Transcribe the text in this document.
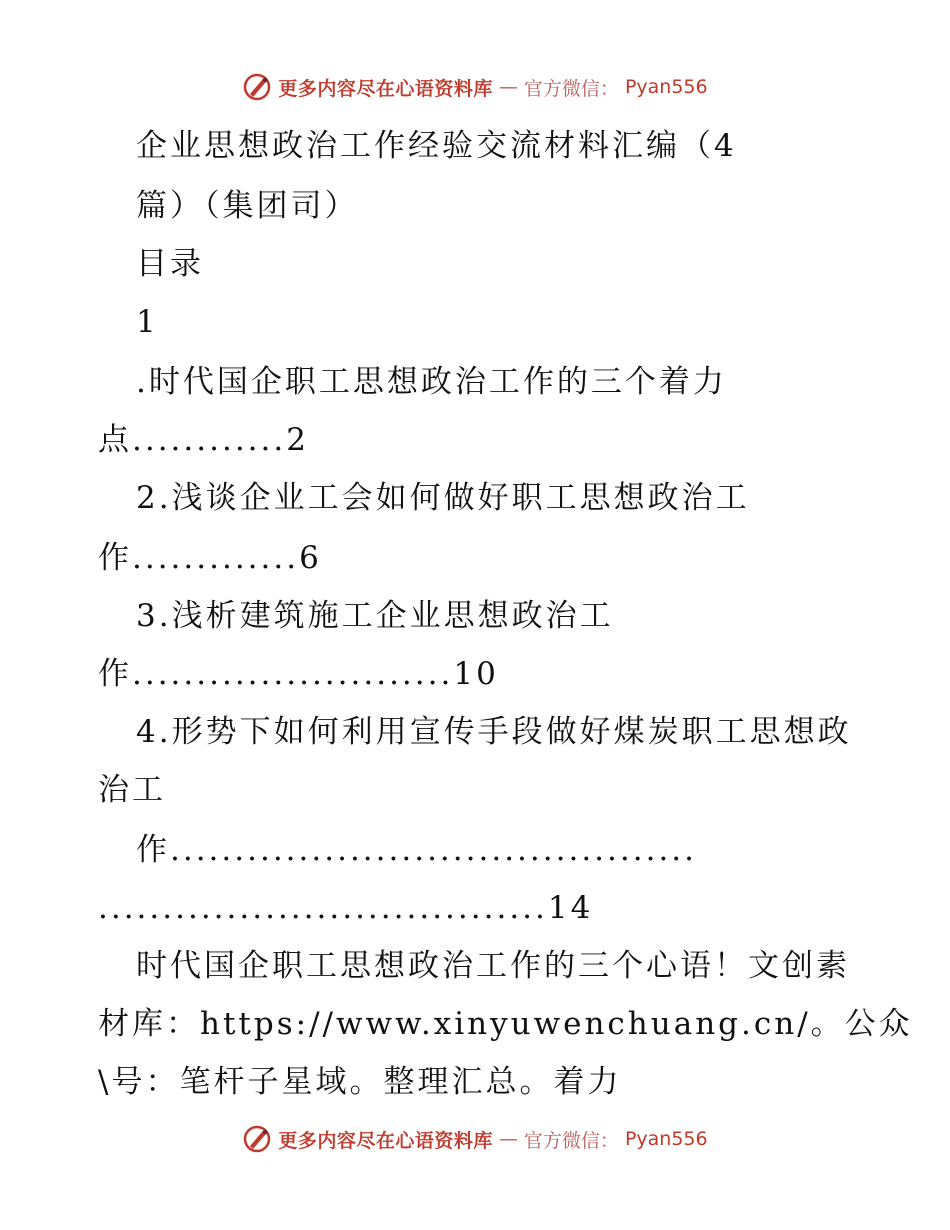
更多内容尽在心语资料库 — 官方微信： Pyan556
企业思想政治工作经验交流材料汇编（4
篇）（集团司）
目录
1
.时代国企职工思想政治工作的三个着力
点............2
2.浅谈企业工会如何做好职工思想政治工
作.............6
3.浅析建筑施工企业思想政治工
作.........................10
4.形势下如何利用宣传手段做好煤炭职工思想政
治工
作.........................................
...................................14
时代国企职工思想政治工作的三个心语！文创素
材库：https://www.xinyuwenchuang.cn/。公众
\号：笔杆子星域。整理汇总。着力
更多内容尽在心语资料库 — 官方微信： Pyan556
